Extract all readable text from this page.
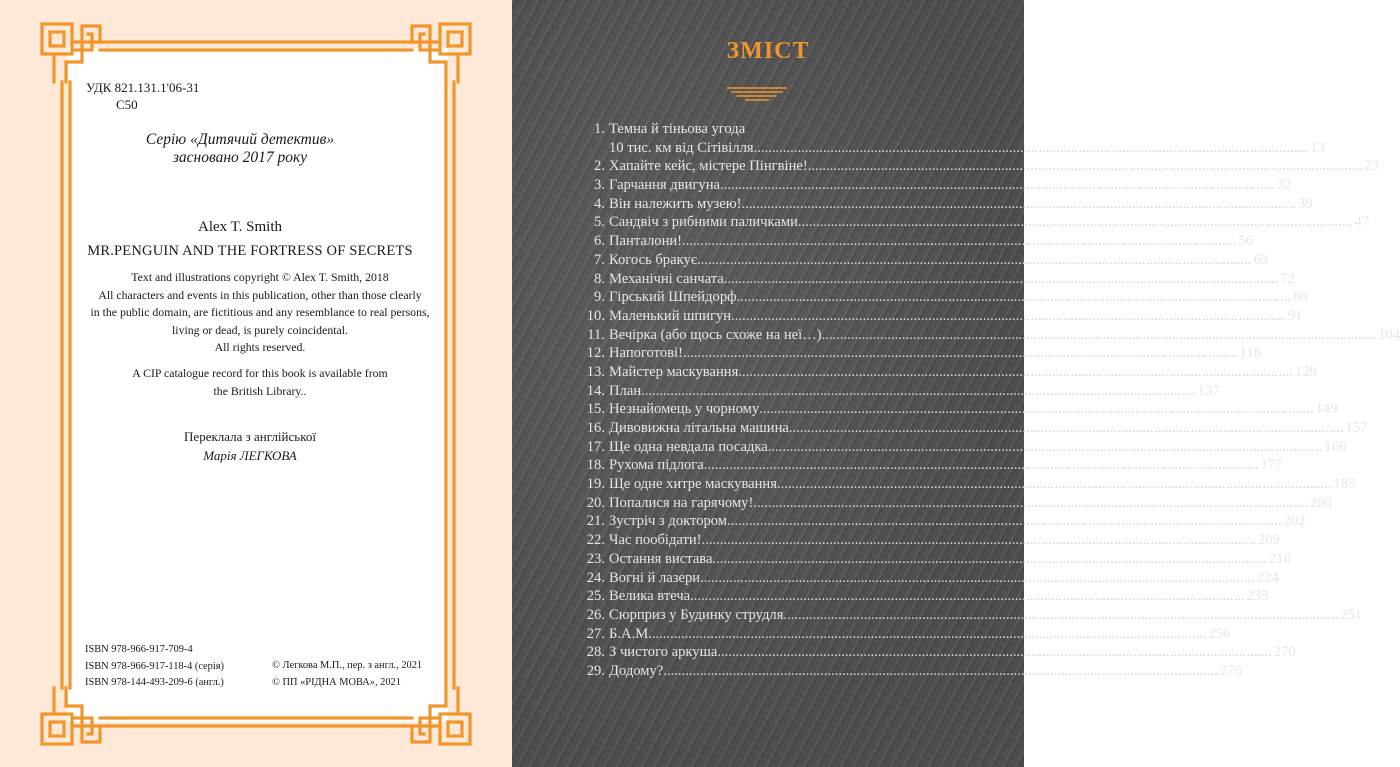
УДК 821.131.1'06-31
С50
Серію «Дитячий детектив»
засновано 2017 року
Alex T. Smith
MR.PENGUIN AND THE FORTRESS OF SECRETS
Text and illustrations copyright © Alex T. Smith, 2018
All characters and events in this publication, other than those clearly
in the public domain, are fictitious and any resemblance to real persons,
living or dead, is purely coincidental.
All rights reserved.
A CIP catalogue record for this book is available from
the British Library..
Переклала з англійської
Марія ЛЕГКОВА
ISBN 978-966-917-709-4
ISBN 978-966-917-118-4 (серія)
ISBN 978-144-493-209-6 (англ.)
© Легкова М.П., пер. з англ., 2021
© ПП «РІДНА МОВА», 2021
ЗМІСТ
1. Темна й тіньова угода
10 тис. км від Сітівілля .....	13
2. Хапайте кейс, містере Пінгвіне! .....	23
3. Гарчання двигуна .....	32
4. Він належить музею! .....	39
5. Сандвіч з рибними паличками .....	47
6. Панталони! .....	56
7. Когось бракує .....	63
8. Механічні санчата .....	72
9. Гірський Шпейдорф .....	80
10. Маленький шпигун .....	91
11. Вечірка (або щось схоже на неї…) .....	104
12. Напоготові! .....	118
13. Майстер маскування .....	129
14. План .....	137
15. Незнайомець у чорному .....	149
16. Дивовижна літальна машина .....	157
17. Ще одна невдала посадка .....	166
18. Рухома підлога .....	177
19. Ще одне хитре маскування .....	185
20. Попалися на гарячому! .....	200
21. Зустріч з доктором .....	202
22. Час пообідати! .....	209
23. Остання вистава .....	216
24. Вогні й лазери .....	224
25. Велика втеча .....	235
26. Сюрприз у Будинку струдля .....	251
27. Б.А.М. .....	256
28. З чистого аркуша .....	270
29. Додому? .....	276
